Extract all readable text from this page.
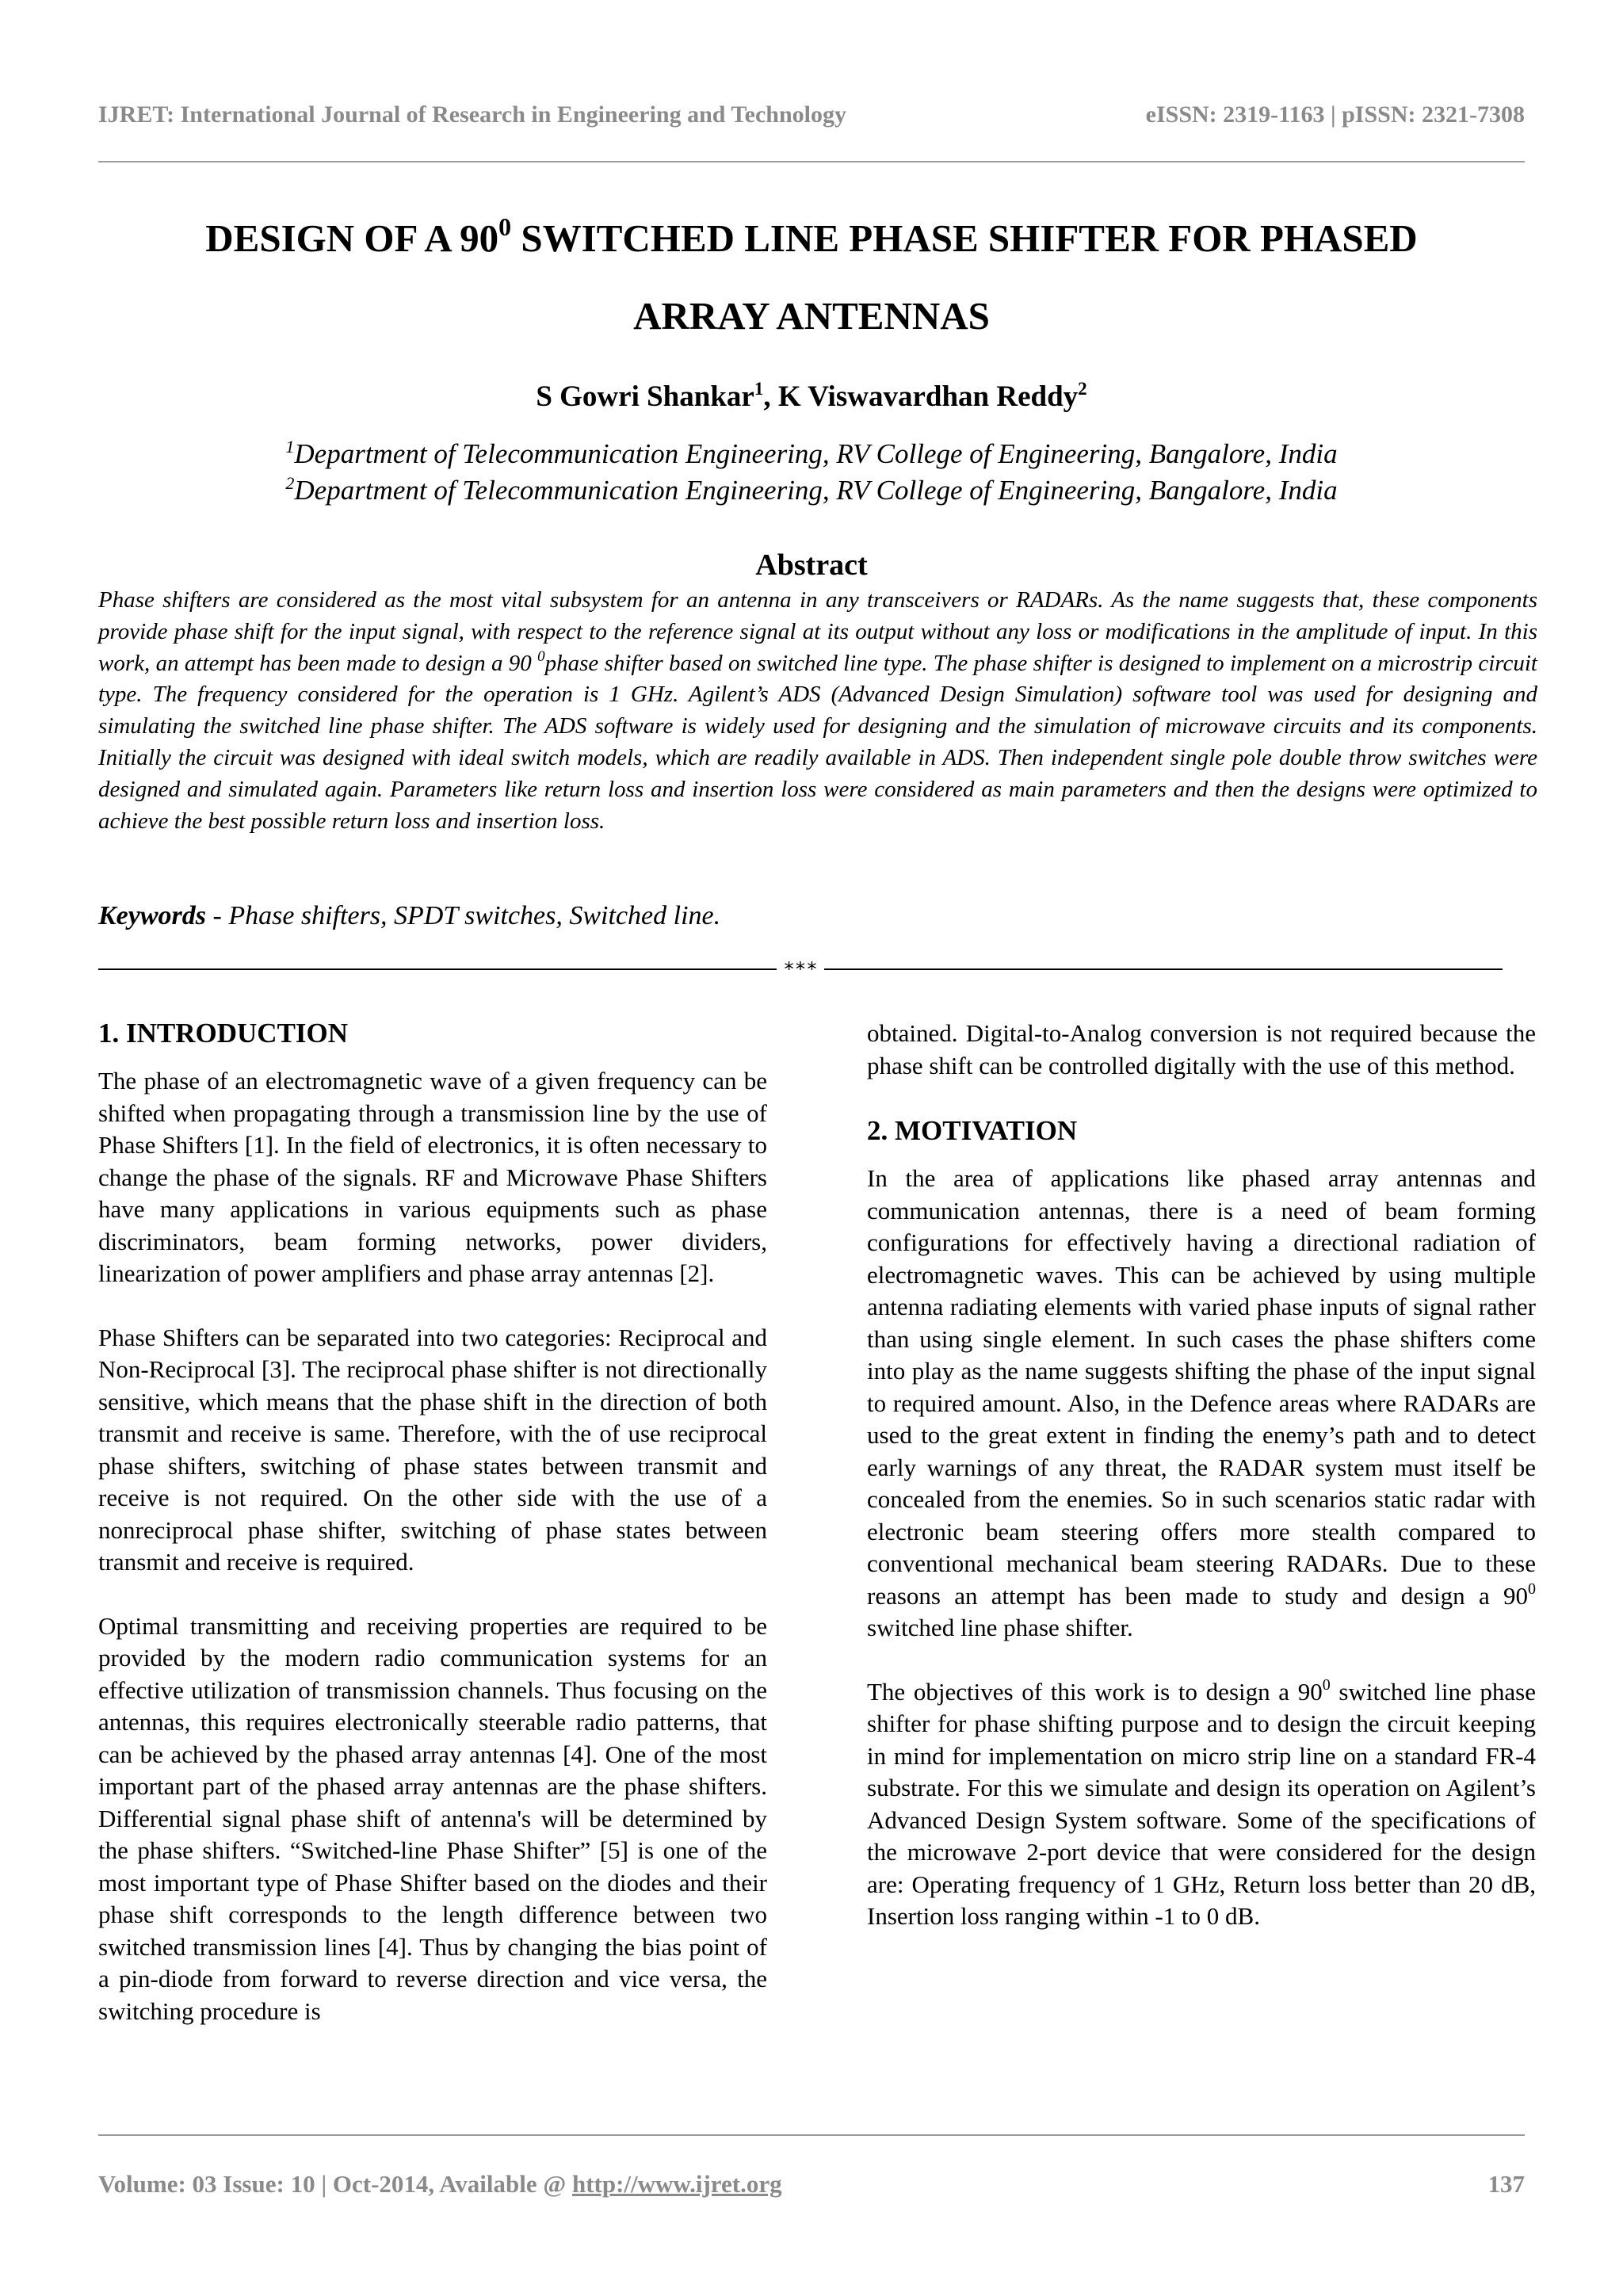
IJRET: International Journal of Research in Engineering and Technology	eISSN: 2319-1163 | pISSN: 2321-7308
DESIGN OF A $90^0$ SWITCHED LINE PHASE SHIFTER FOR PHASED
ARRAY ANTENNAS
S Gowri Shankar$^1$, K Viswavardhan Reddy$^2$
$^1$Department of Telecommunication Engineering, RV College of Engineering, Bangalore, India
$^2$Department of Telecommunication Engineering, RV College of Engineering, Bangalore, India
Abstract
Phase shifters are considered as the most vital subsystem for an antenna in any transceivers or RADARs. As the name suggests that, these components provide phase shift for the input signal, with respect to the reference signal at its output without any loss or modifications in the amplitude of input. In this work, an attempt has been made to design a 90 $^0$phase shifter based on switched line type. The phase shifter is designed to implement on a microstrip circuit type. The frequency considered for the operation is 1 GHz. Agilent’s ADS (Advanced Design Simulation) software tool was used for designing and simulating the switched line phase shifter. The ADS software is widely used for designing and the simulation of microwave circuits and its components. Initially the circuit was designed with ideal switch models, which are readily available in ADS. Then independent single pole double throw switches were designed and simulated again. Parameters like return loss and insertion loss were considered as main parameters and then the designs were optimized to achieve the best possible return loss and insertion loss.
Keywords - Phase shifters, SPDT switches, Switched line.
***
1. INTRODUCTION

The phase of an electromagnetic wave of a given frequency can be shifted when propagating through a transmission line by the use of Phase Shifters [1]. In the field of electronics, it is often necessary to change the phase of the signals. RF and Microwave Phase Shifters have many applications in various equipments such as phase discriminators, beam forming networks, power dividers, linearization of power amplifiers and phase array antennas [2].

Phase Shifters can be separated into two categories: Reciprocal and Non-Reciprocal [3]. The reciprocal phase shifter is not directionally sensitive, which means that the phase shift in the direction of both transmit and receive is same. Therefore, with the of use reciprocal phase shifters, switching of phase states between transmit and receive is not required. On the other side with the use of a nonreciprocal phase shifter, switching of phase states between transmit and receive is required.

Optimal transmitting and receiving properties are required to be provided by the modern radio communication systems for an effective utilization of transmission channels. Thus focusing on the antennas, this requires electronically steerable radio patterns, that can be achieved by the phased array antennas [4]. One of the most important part of the phased array antennas are the phase shifters. Differential signal phase shift of antenna's will be determined by the phase shifters. “Switched-line Phase Shifter” [5] is one of the most important type of Phase Shifter based on the diodes and their phase shift corresponds to the length difference between two switched transmission lines [4]. Thus by changing the bias point of a pin-diode from forward to reverse direction and vice versa, the switching procedure is

obtained. Digital-to-Analog conversion is not required because the phase shift can be controlled digitally with the use of this method.

2. MOTIVATION

In the area of applications like phased array antennas and communication antennas, there is a need of beam forming configurations for effectively having a directional radiation of electromagnetic waves. This can be achieved by using multiple antenna radiating elements with varied phase inputs of signal rather than using single element. In such cases the phase shifters come into play as the name suggests shifting the phase of the input signal to required amount. Also, in the Defence areas where RADARs are used to the great extent in finding the enemy’s path and to detect early warnings of any threat, the RADAR system must itself be concealed from the enemies. So in such scenarios static radar with electronic beam steering offers more stealth compared to conventional mechanical beam steering RADARs. Due to these reasons an attempt has been made to study and design a $90^0$ switched line phase shifter.

The objectives of this work is to design a $90^0$ switched line phase shifter for phase shifting purpose and to design the circuit keeping in mind for implementation on micro strip line on a standard FR-4 substrate. For this we simulate and design its operation on Agilent’s Advanced Design System software. Some of the specifications of the microwave 2-port device that were considered for the design are: Operating frequency of 1 GHz, Return loss better than 20 dB, Insertion loss ranging within -1 to 0 dB.

Volume: 03 Issue: 10 | Oct-2014, Available @ http://www.ijret.org	137
